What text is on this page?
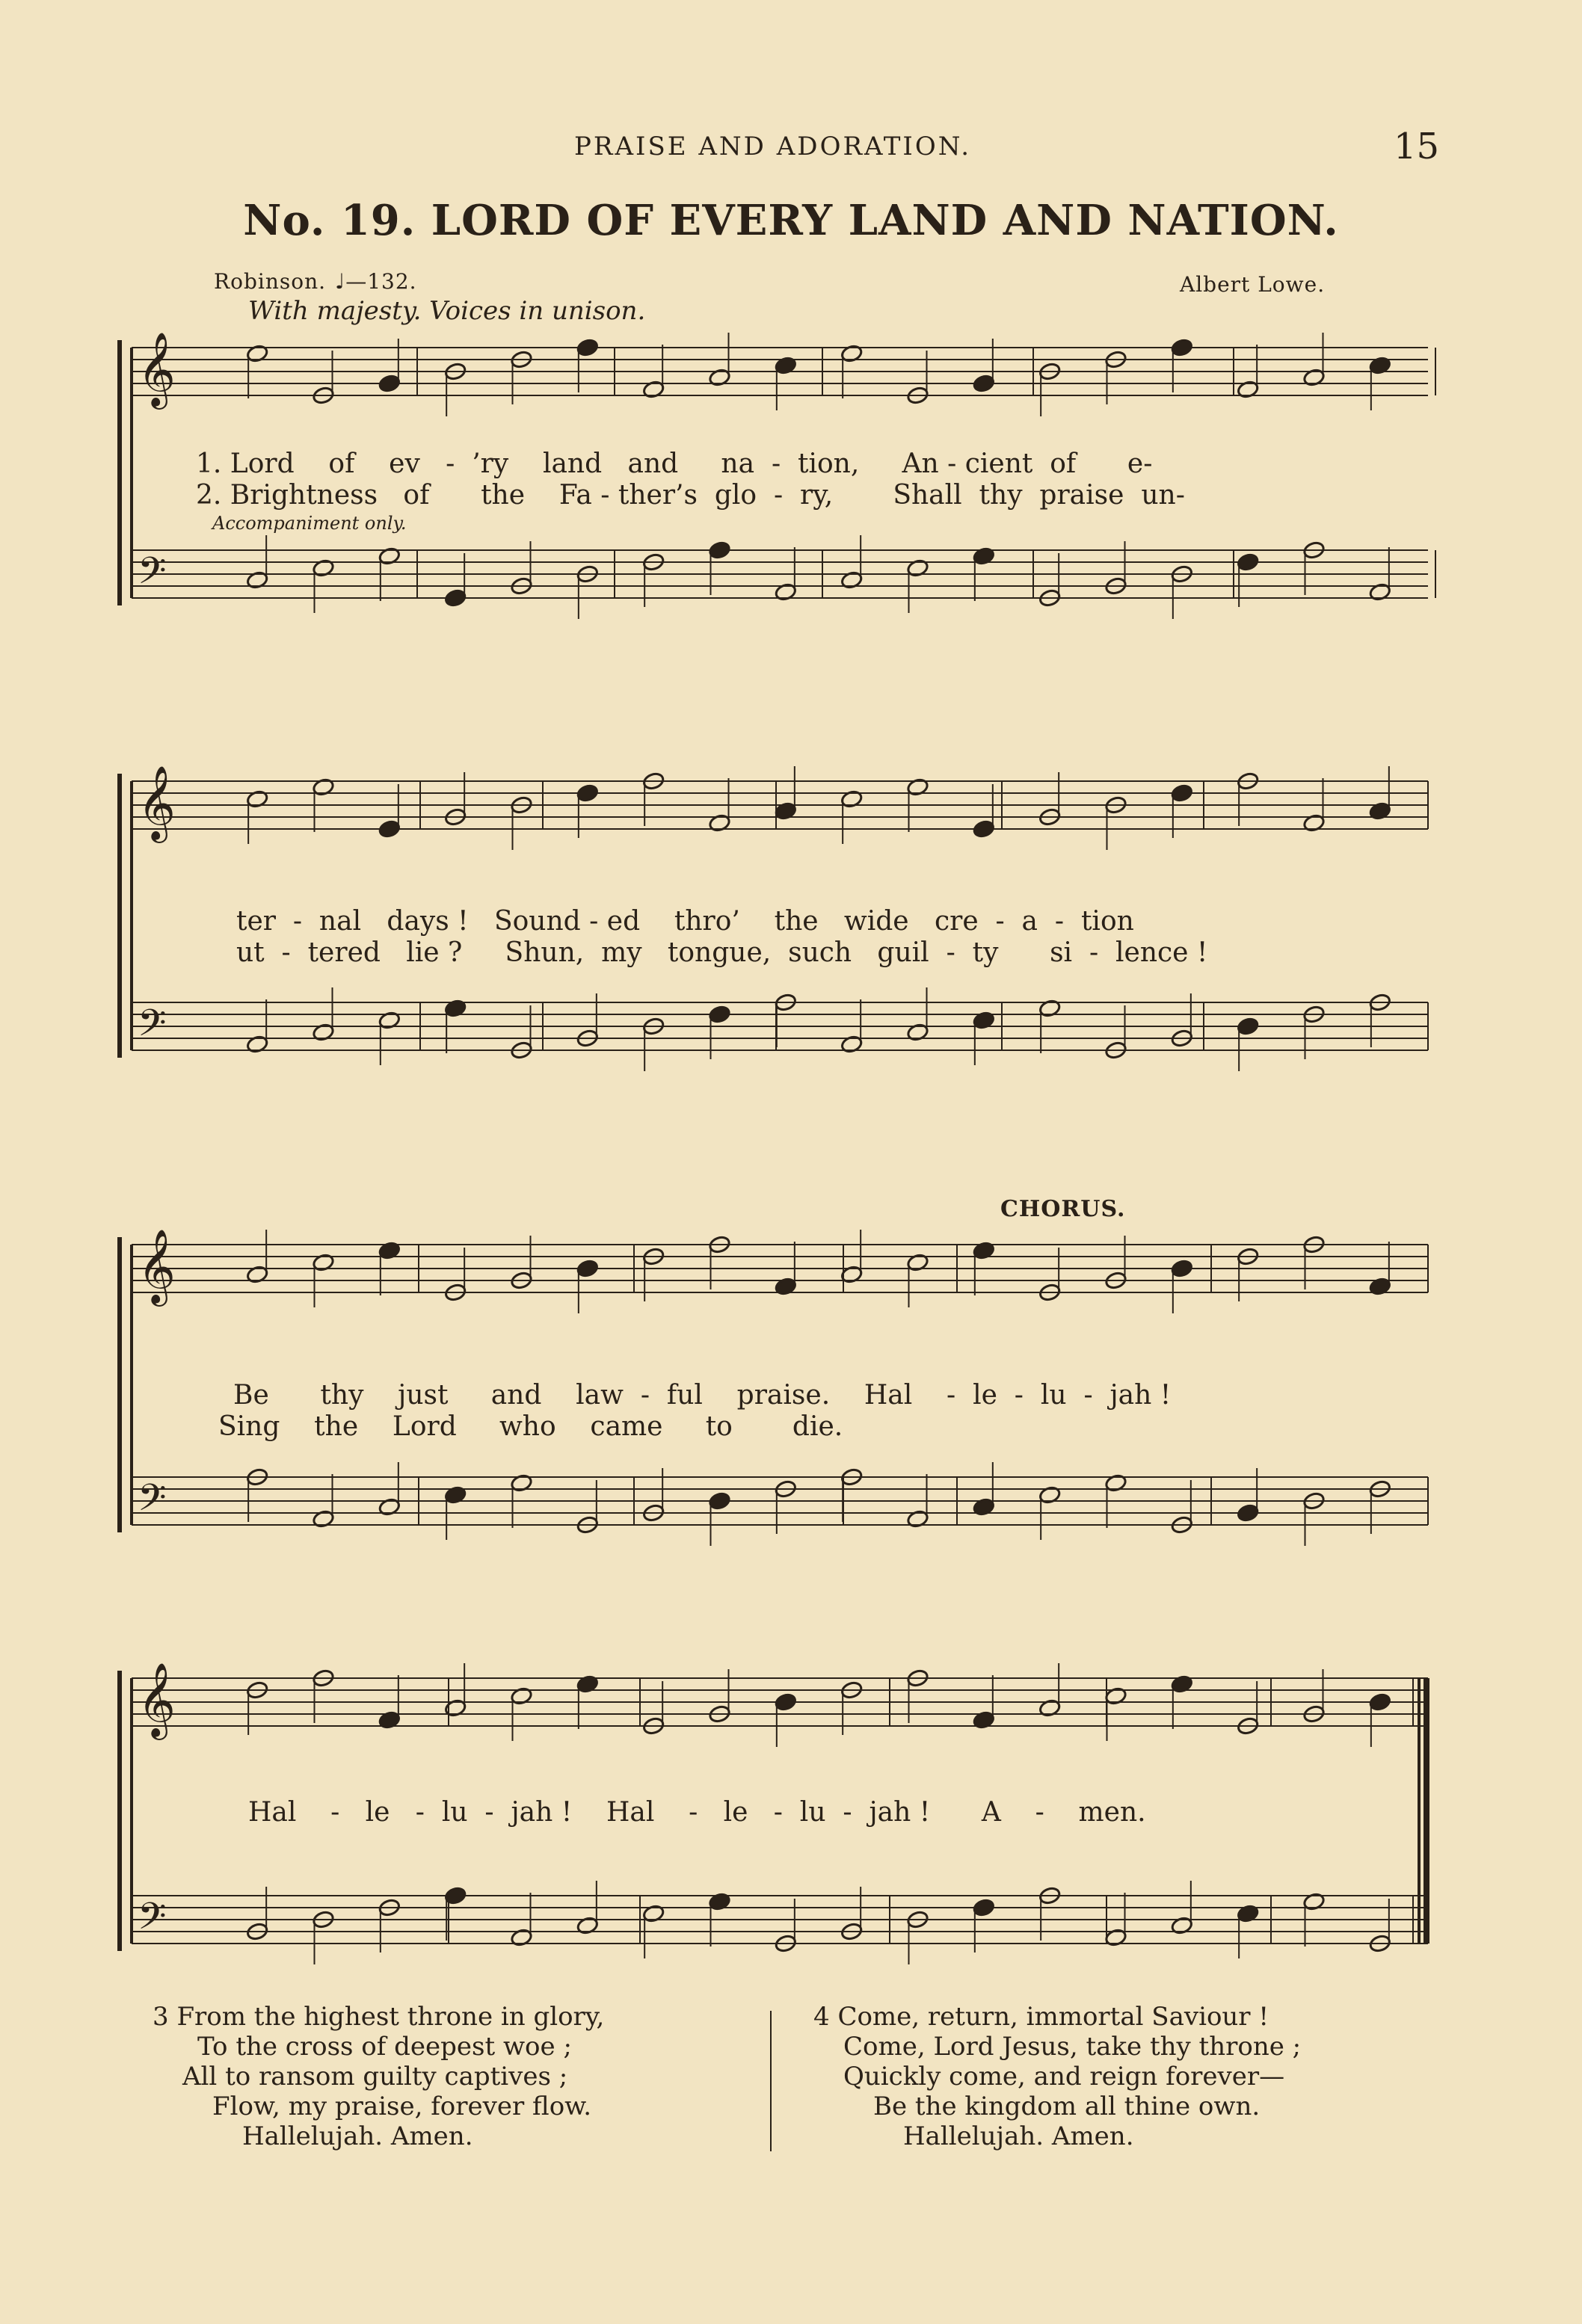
PRAISE AND ADORATION.	15
No. 19. LORD OF EVERY LAND AND NATION.
Robinson. ♩—132.	Albert Lowe.
With majesty. Voices in unison.
𝄞
𝄢
𝄞
𝄢
𝄞
𝄢
𝄞
𝄢
1. Lord    of    ev   -  ’ry    land   and     na  -  tion,     An - cient  of      e-
2. Brightness   of      the    Fa - ther’s  glo  -  ry,       Shall  thy  praise  un-
Accompaniment only.
ter  -  nal   days !   Sound - ed    thro’    the   wide   cre  -  a  -  tion
ut  -  tered   lie ?     Shun,  my   tongue,  such   guil  -  ty      si  -  lence !
CHORUS.
Be      thy    just     and    law  -  ful    praise.    Hal    -  le  -  lu  -  jah !
Sing    the    Lord     who    came     to       die.
Hal    -   le   -  lu  -  jah !    Hal    -   le   -  lu  -  jah !      A    -    men.
3 From the highest throne in glory,
To the cross of deepest woe ;
All to ransom guilty captives ;
Flow, my praise, forever flow.
Hallelujah. Amen.
4 Come, return, immortal Saviour !
Come, Lord Jesus, take thy throne ;
Quickly come, and reign forever—
Be the kingdom all thine own.
Hallelujah. Amen.
